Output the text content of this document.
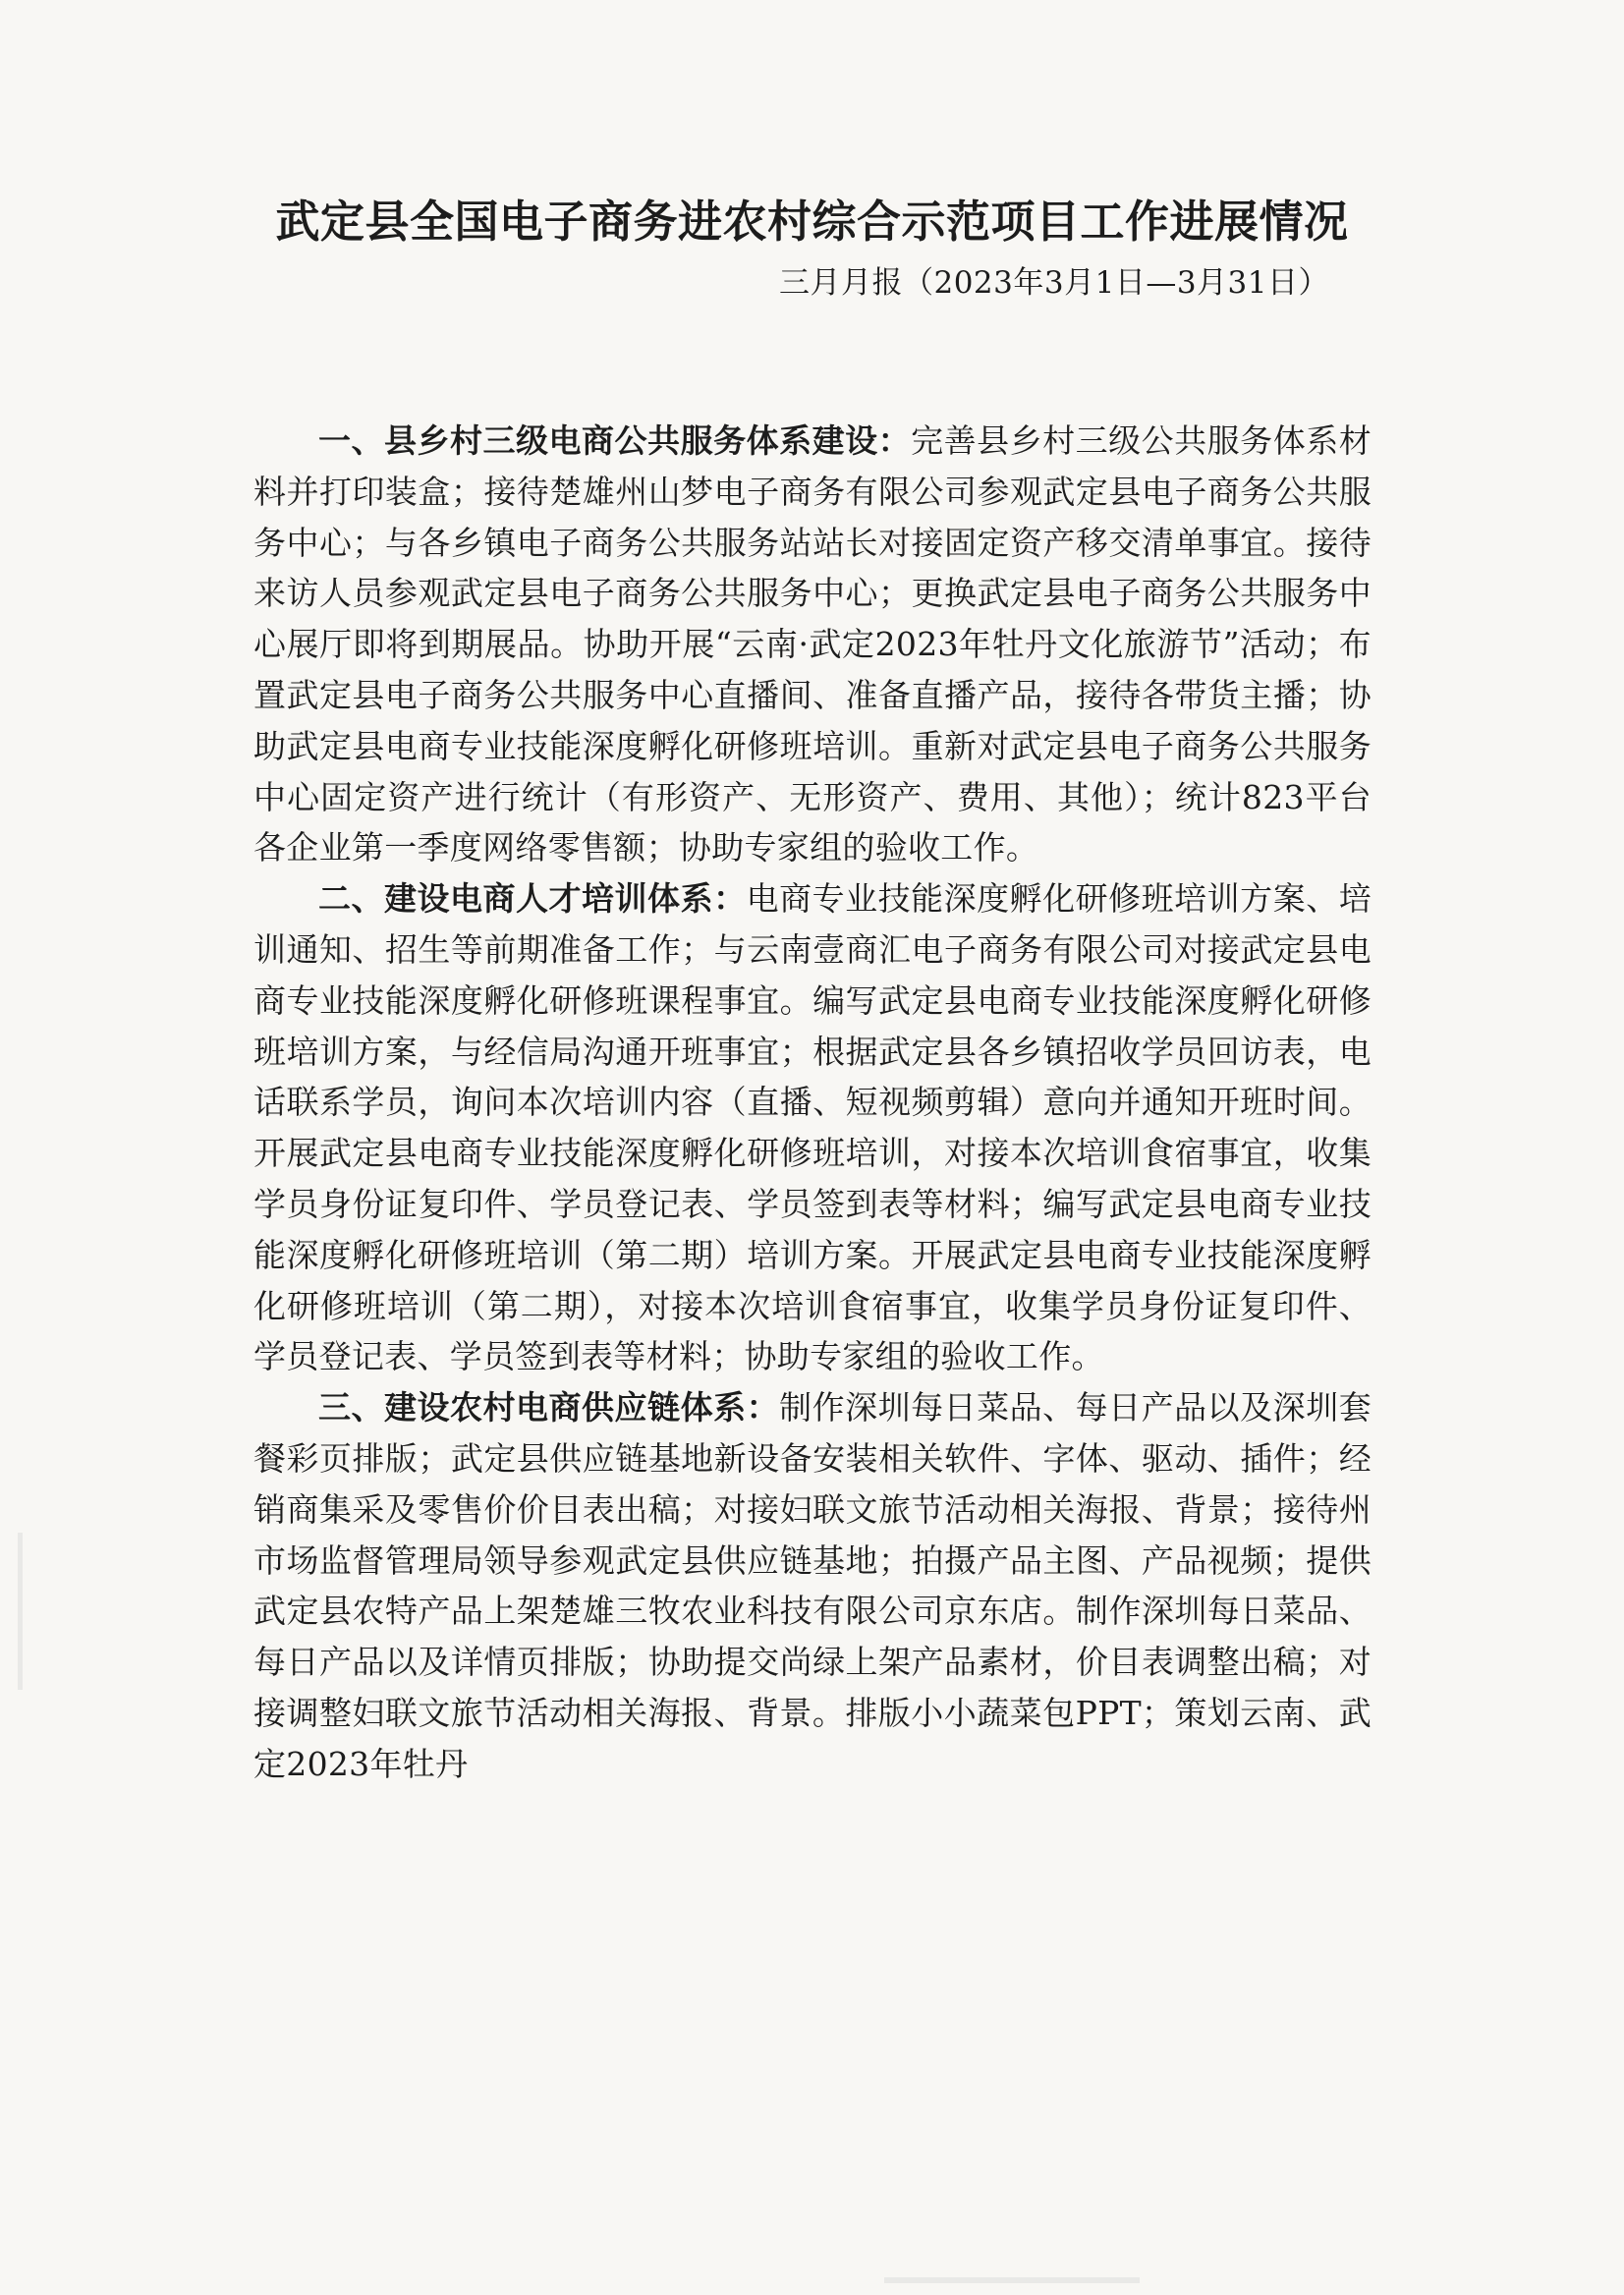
武定县全国电子商务进农村综合示范项目工作进展情况
三月月报（2023年3月1日—3月31日）

一、县乡村三级电商公共服务体系建设：完善县乡村三级公共服务体系材料并打印装盒；接待楚雄州山梦电子商务有限公司参观武定县电子商务公共服务中心；与各乡镇电子商务公共服务站站长对接固定资产移交清单事宜。接待来访人员参观武定县电子商务公共服务中心；更换武定县电子商务公共服务中心展厅即将到期展品。协助开展“云南·武定2023年牡丹文化旅游节”活动；布置武定县电子商务公共服务中心直播间、准备直播产品，接待各带货主播；协助武定县电商专业技能深度孵化研修班培训。重新对武定县电子商务公共服务中心固定资产进行统计（有形资产、无形资产、费用、其他）；统计823平台各企业第一季度网络零售额；协助专家组的验收工作。

二、建设电商人才培训体系：电商专业技能深度孵化研修班培训方案、培训通知、招生等前期准备工作；与云南壹商汇电子商务有限公司对接武定县电商专业技能深度孵化研修班课程事宜。编写武定县电商专业技能深度孵化研修班培训方案，与经信局沟通开班事宜；根据武定县各乡镇招收学员回访表，电话联系学员，询问本次培训内容（直播、短视频剪辑）意向并通知开班时间。开展武定县电商专业技能深度孵化研修班培训，对接本次培训食宿事宜，收集学员身份证复印件、学员登记表、学员签到表等材料；编写武定县电商专业技能深度孵化研修班培训（第二期）培训方案。开展武定县电商专业技能深度孵化研修班培训（第二期），对接本次培训食宿事宜，收集学员身份证复印件、学员登记表、学员签到表等材料；协助专家组的验收工作。

三、建设农村电商供应链体系：制作深圳每日菜品、每日产品以及深圳套餐彩页排版；武定县供应链基地新设备安装相关软件、字体、驱动、插件；经销商集采及零售价价目表出稿；对接妇联文旅节活动相关海报、背景；接待州市场监督管理局领导参观武定县供应链基地；拍摄产品主图、产品视频；提供武定县农特产品上架楚雄三牧农业科技有限公司京东店。制作深圳每日菜品、每日产品以及详情页排版；协助提交尚绿上架产品素材，价目表调整出稿；对接调整妇联文旅节活动相关海报、背景。排版小小蔬菜包PPT；策划云南、武定2023年牡丹
